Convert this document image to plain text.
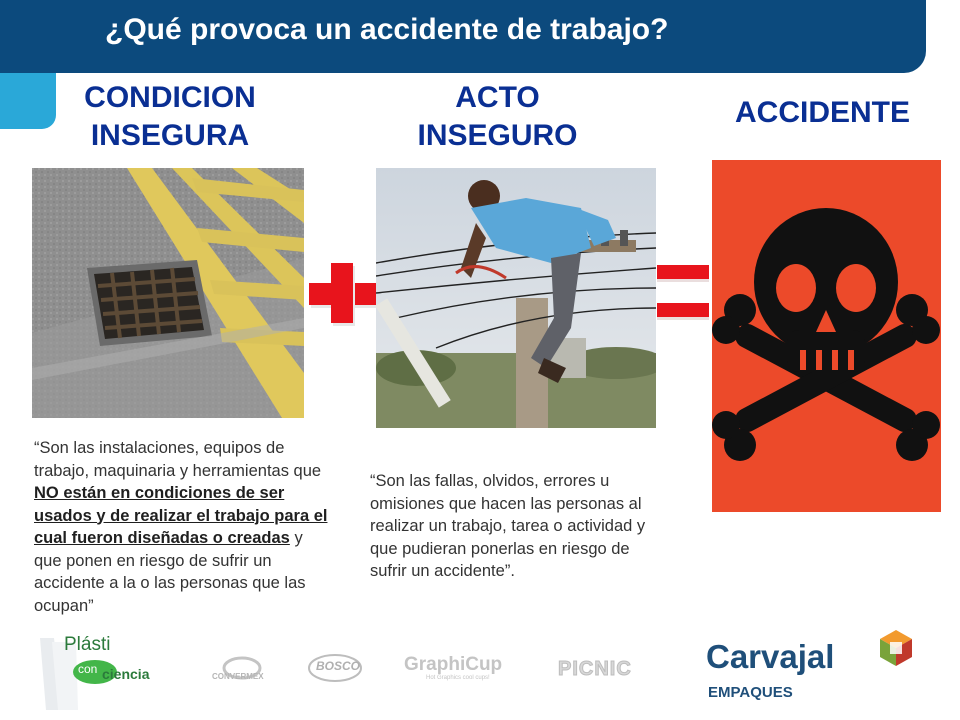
¿Qué provoca un accidente de trabajo?
CONDICION
INSEGURA
ACTO
INSEGURO
ACCIDENTE
“Son las instalaciones, equipos de trabajo, maquinaria y herramientas que NO están en condiciones de ser usados y de realizar el trabajo para el cual fueron diseñadas o creadas y que ponen en riesgo de sufrir un accidente a la o las personas que las ocupan”
“Son las fallas, olvidos, errores u omisiones que hacen las personas al realizar un trabajo, tarea o actividad y que pudieran ponerlas en riesgo de sufrir un accidente”.
Plásti
con ciencia	CONVERMEX
BOSCO GraphiCup
Hot Graphics cool cups!	PICNIC Carvajal
EMPAQUES
